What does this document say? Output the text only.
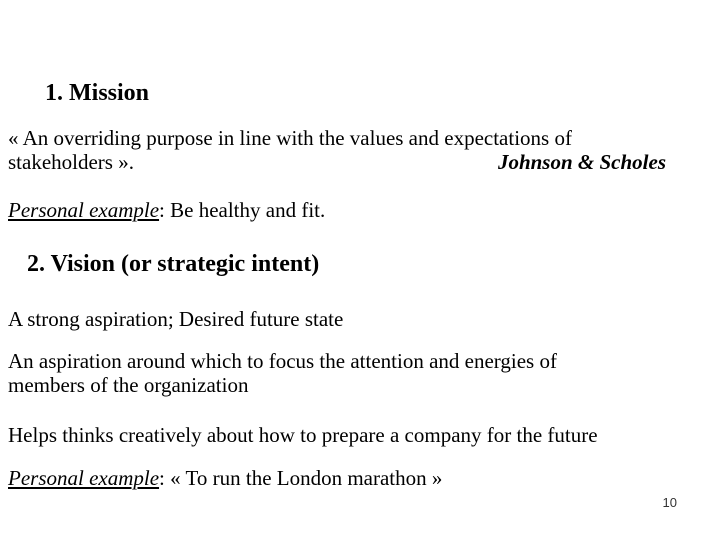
1. Mission
« An overriding purpose in line with the values and expectations of
stakeholders ».	Johnson & Scholes
Personal example: Be healthy and fit.
2. Vision (or strategic intent)
A strong aspiration; Desired future state
An aspiration around which to focus the attention and energies of
members of the organization
Helps thinks creatively about how to prepare a company for the future
Personal example: « To run the London marathon »
10
